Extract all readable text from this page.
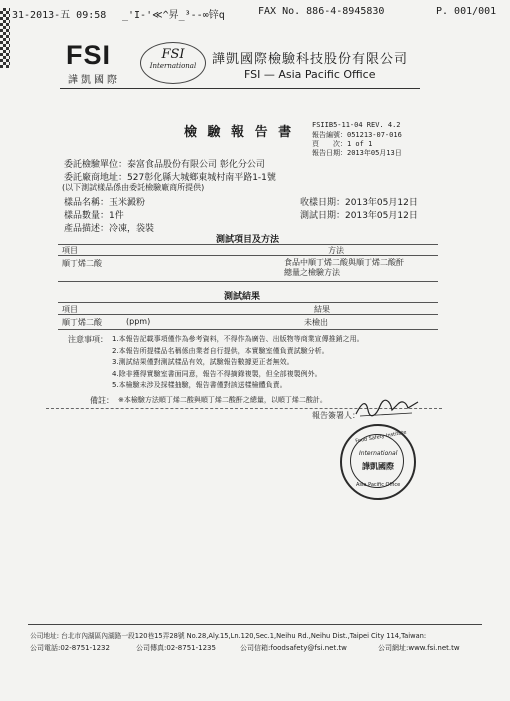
31-2013-五 09:58 _'I-'≪^昇_³--∞锌q	FAX No. 886-4-8945830	P. 001/001
FSI
譁凱國際
FSI
International	譁凱國際檢驗科技股份有限公司
FSI — Asia Pacific Office
檢 驗 報 告 書	FSIIB5-11-04 REV. 4.2
報告編號：051213-07-016
頁　　次：1 of 1
報告日期：2013年05月13日
委託檢驗單位：泰富食品股份有限公司 彰化分公司
委託廠商地址：527彰化縣大城鄉東城村南平路1-1號
(以下測試樣品係由委託檢驗廠商所提供)
樣品名稱：玉米澱粉	收樣日期：2013年05月12日
樣品數量：1件	測試日期：2013年05月12日
產品描述：冷凍，袋裝
測試項目及方法
項目	方法
順丁烯二酸	食品中順丁烯二酸與順丁烯二酸酐
總量之檢驗方法
測試結果
項目	結果
順丁烯二酸	(ppm)	未檢出
注意事項： 1.本報告記載事項僅作為參考資料，不得作為廣告、出版物等商業宣傳推銷之用。
2.本報告所提樣品名稱係由業者自行提供，本實驗室僅負責試驗分析。
3.測試結果僅對測試樣品有效，試驗報告數據更正者無效。
4.除非獲得實驗室書面同意，報告不得摘錄複製，但全部複製例外。
5.本檢驗未涉及採樣抽驗，報告書僅對該送樣檢體負責。
備註： ※本檢驗方法順丁烯二酸與順丁烯二酸酐之總量，以順丁烯二酸計。
報告簽署人：
Food Safety Institute
International
譁凱國際
Asia Pacific Office
公司地址: 台北市內湖區內湖路一段120巷15弄28號 No.28,Aly.15,Ln.120,Sec.1,Neihu Rd.,Neihu Dist.,Taipei City 114,Taiwan:
公司電話:02-8751-1232	公司傳真:02-8751-1235	公司信箱:foodsafety@fsi.net.tw	公司網址:www.fsi.net.tw
